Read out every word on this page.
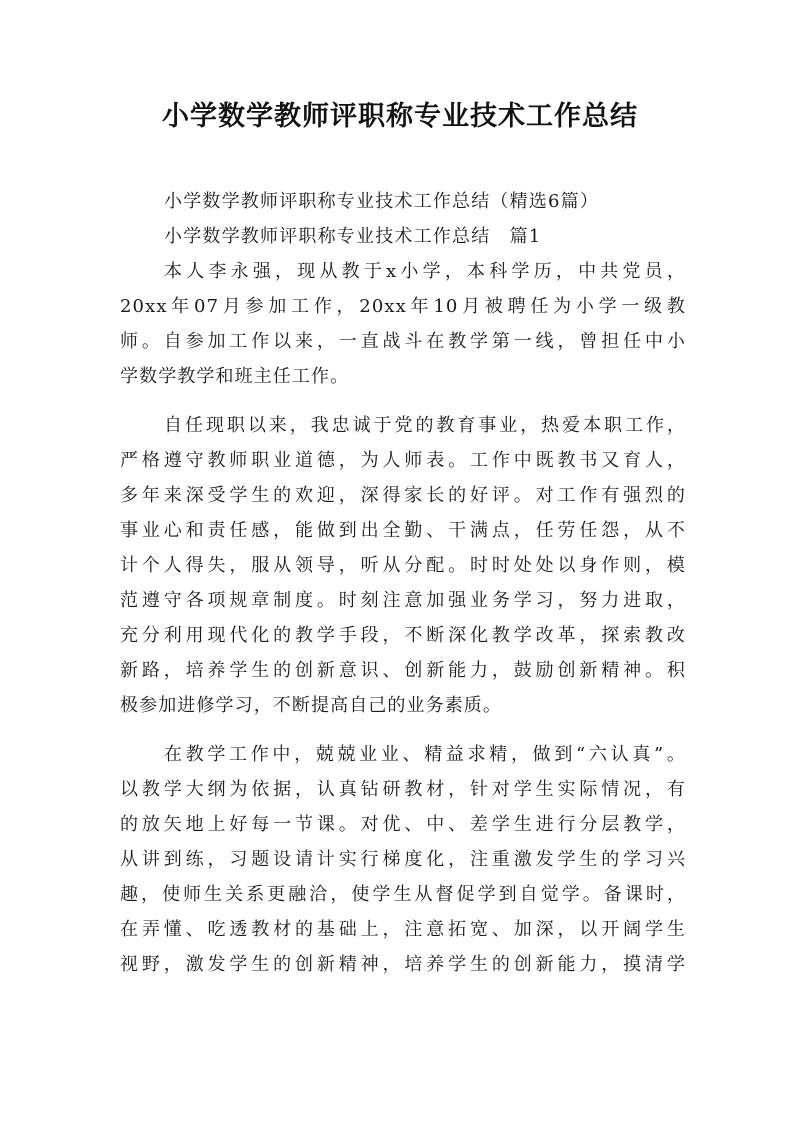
小学数学教师评职称专业技术工作总结

小学数学教师评职称专业技术工作总结（精选6篇）

小学数学教师评职称专业技术工作总结　篇1

本人李永强，现从教于x小学，本科学历，中共党员，
20xx年07月参加工作，20xx年10月被聘任为小学一级教
师。自参加工作以来，一直战斗在教学第一线，曾担任中小
学数学教学和班主任工作。

自任现职以来，我忠诚于党的教育事业，热爱本职工作，
严格遵守教师职业道德，为人师表。工作中既教书又育人，
多年来深受学生的欢迎，深得家长的好评。对工作有强烈的
事业心和责任感，能做到出全勤、干满点，任劳任怨，从不
计个人得失，服从领导，听从分配。时时处处以身作则，模
范遵守各项规章制度。时刻注意加强业务学习，努力进取，
充分利用现代化的教学手段，不断深化教学改革，探索教改
新路，培养学生的创新意识、创新能力，鼓励创新精神。积
极参加进修学习，不断提高自己的业务素质。

在教学工作中，兢兢业业、精益求精，做到“六认真”。
以教学大纲为依据，认真钻研教材，针对学生实际情况，有
的放矢地上好每一节课。对优、中、差学生进行分层教学，
从讲到练，习题设请计实行梯度化，注重激发学生的学习兴
趣，使师生关系更融洽，使学生从督促学到自觉学。备课时，
在弄懂、吃透教材的基础上，注意拓宽、加深，以开阔学生
视野，激发学生的创新精神，培养学生的创新能力，摸清学
